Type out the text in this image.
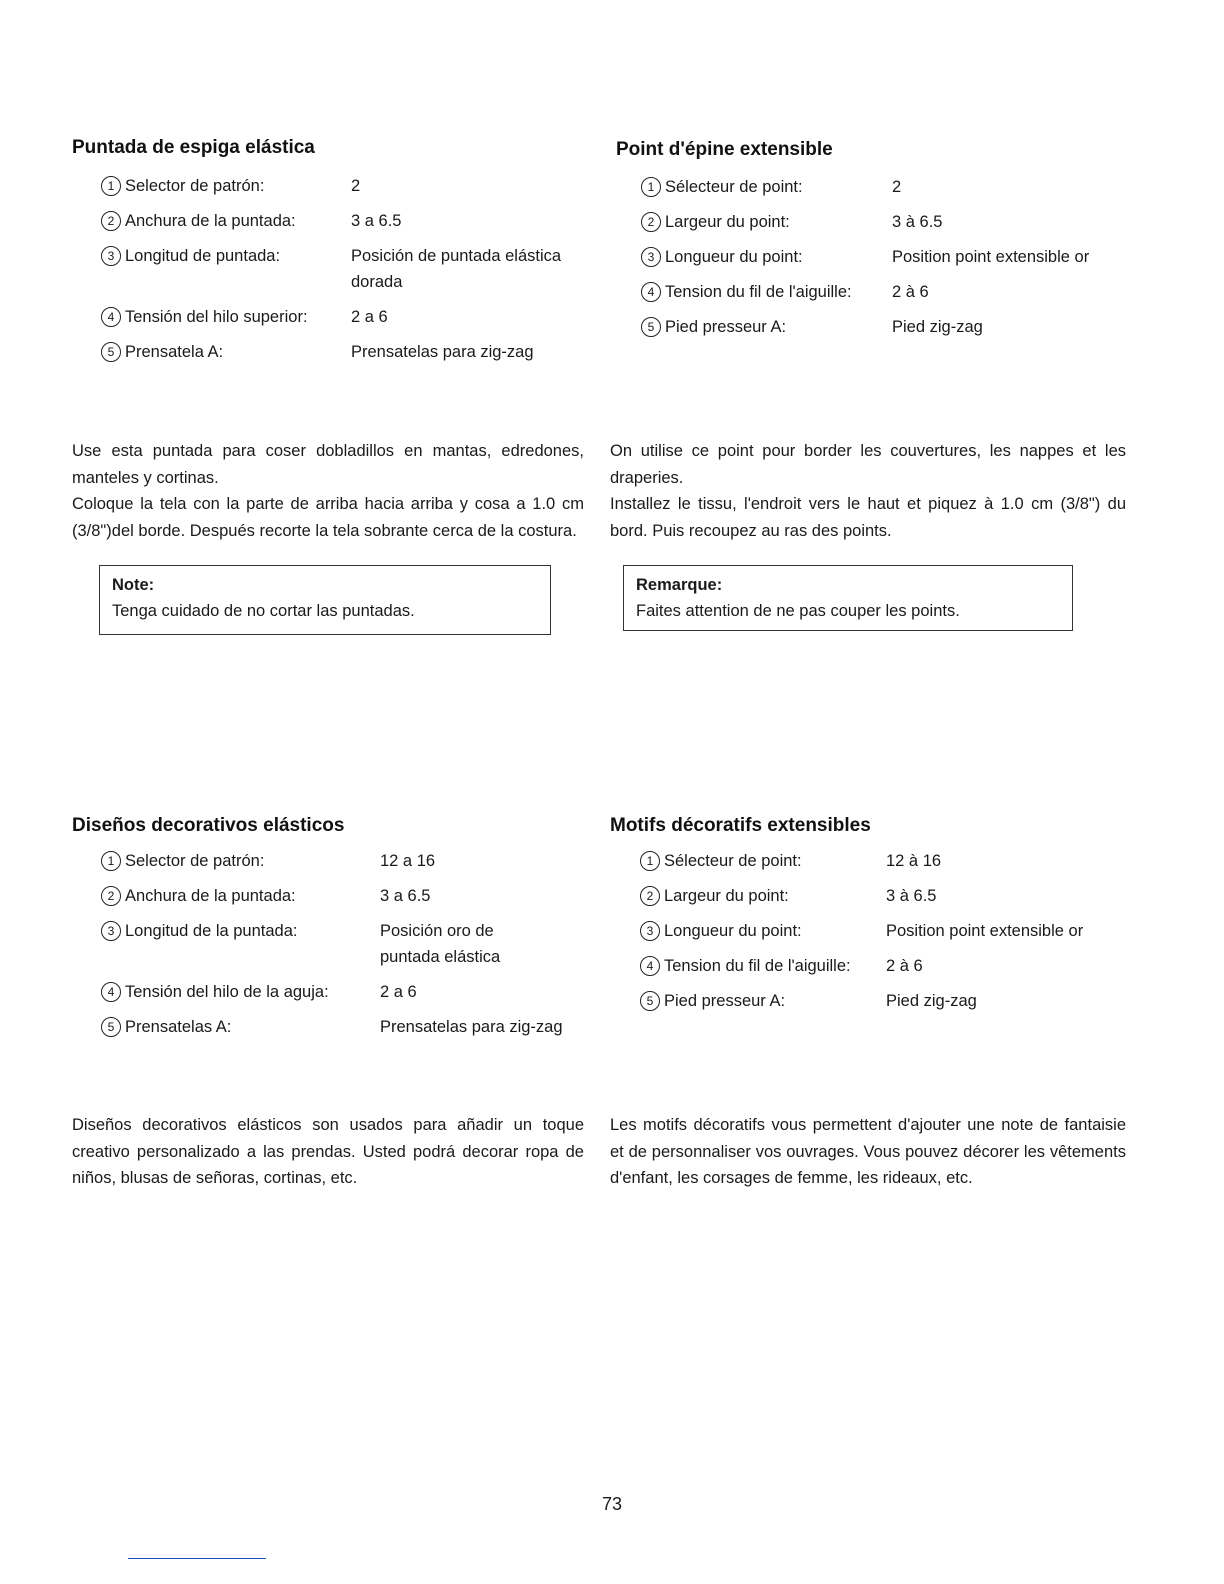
Puntada de espiga elástica
1 Selector de patrón:	2
2 Anchura de la puntada:	3 a 6.5
3 Longitud de puntada:	Posición de puntada elástica
dorada
4 Tensión del hilo superior:	2 a 6
5 Prensatela A:	Prensatelas para zig-zag
Point d'épine extensible
1 Sélecteur de point:	2
2 Largeur du point:	3 à 6.5
3 Longueur du point:	Position point extensible or
4 Tension du fil de l'aiguille: 2 à 6
5 Pied presseur A:	Pied zig-zag

Use esta puntada para coser dobladillos en mantas, edredones, manteles y cortinas.
Coloque la tela con la parte de arriba hacia arriba y cosa a 1.0 cm (3/8")del borde. Después recorte la tela sobrante cerca de la costura.

On utilise ce point pour border les couvertures, les nappes et les draperies.
Installez le tissu, l'endroit vers le haut et piquez à 1.0 cm (3/8") du bord. Puis recoupez au ras des points.

Note:
Tenga cuidado de no cortar las puntadas.
Remarque:
Faites attention de ne pas couper les points.
Diseños decorativos elásticos
1 Selector de patrón:	12 a 16
2 Anchura de la puntada:	3 a 6.5
3 Longitud de la puntada:	Posición oro de
puntada elástica
4 Tensión del hilo de la aguja:	2 a 6
5 Prensatelas A:	Prensatelas para zig-zag
Motifs décoratifs extensibles
1 Sélecteur de point:	12 à 16
2 Largeur du point:	3 à 6.5
3 Longueur du point:	Position point extensible or
4 Tension du fil de l'aiguille: 2 à 6
5 Pied presseur A:	Pied zig-zag

Diseños decorativos elásticos son usados para añadir un toque creativo personalizado a las prendas. Usted podrá decorar ropa de niños, blusas de señoras, cortinas, etc.

Les motifs décoratifs vous permettent d'ajouter une note de fantaisie et de personnaliser vos ouvrages. Vous pouvez décorer les vêtements d'enfant, les corsages de femme, les rideaux, etc.

73
